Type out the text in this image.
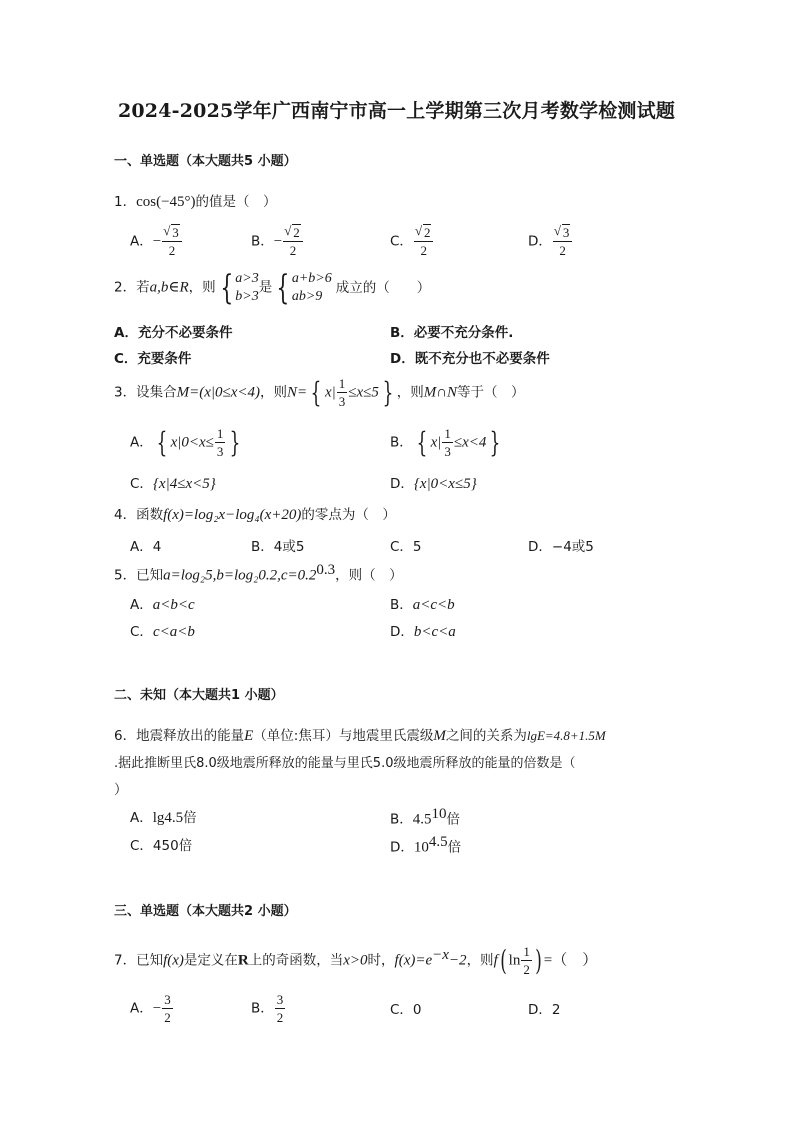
2024-2025学年广西南宁市高一上学期第三次月考数学检测试题
一、单选题（本大题共5 小题）
1．cos(−45°)的值是（　）
A．− √ $\frac{3}{2}$	B．− √ $\frac{2}{2}$	C． √ $\frac{2}{2}$	D． √ $\frac{3}{2}$
2．若a,b∈R，则 { a>3
b>3
是 { a+b>6
ab>9
成立的（　　）
A．充分不必要条件	B．必要不充分条件.
C．充要条件	D．既不充分也不必要条件
3．设集合M=(x|0≤x<4)，则N= { $x| \frac{1}{3} \le x\le 5$ } ，则M∩N等于（　）
A． { $x|0<x\le \frac{1}{3}$ }	B． { $x| \frac{1}{3} \le x<4$ }
C．{x|4≤x<5}	D．{x|0<x≤5}
4．函数f(x)=log₂x−log₄(x+20)的零点为（　）
A．4	B．4或5	C．5	D．−4或5
5．已知$a=\log_25,b=\log_20.2,c=0.2^{0.3}$，则（　）
A．a<b<c	B．a<c<b
C．c<a<b	D．b<c<a
二、未知（本大题共1 小题）
6．地震释放出的能量E（单位:焦耳）与地震里氏震级M之间的关系为lgE=4.8+1.5M
.据此推断里氏8.0级地震所释放的能量与里氏5.0级地震所释放的能量的倍数是（
）
A．lg4.5倍	B．$4.5^{10}$倍
C．450倍	D．$10^{4.5}$倍
三、单选题（本大题共2 小题）
7．已知f(x)是定义在R上的奇函数，当x>0时，$f(x)=e^{-x}-2$，则f( $\ln \frac{1}{2}$ ) =（　）
A．− $\frac{3}{2}$	B． $\frac{3}{2}$	C．0	D．2
